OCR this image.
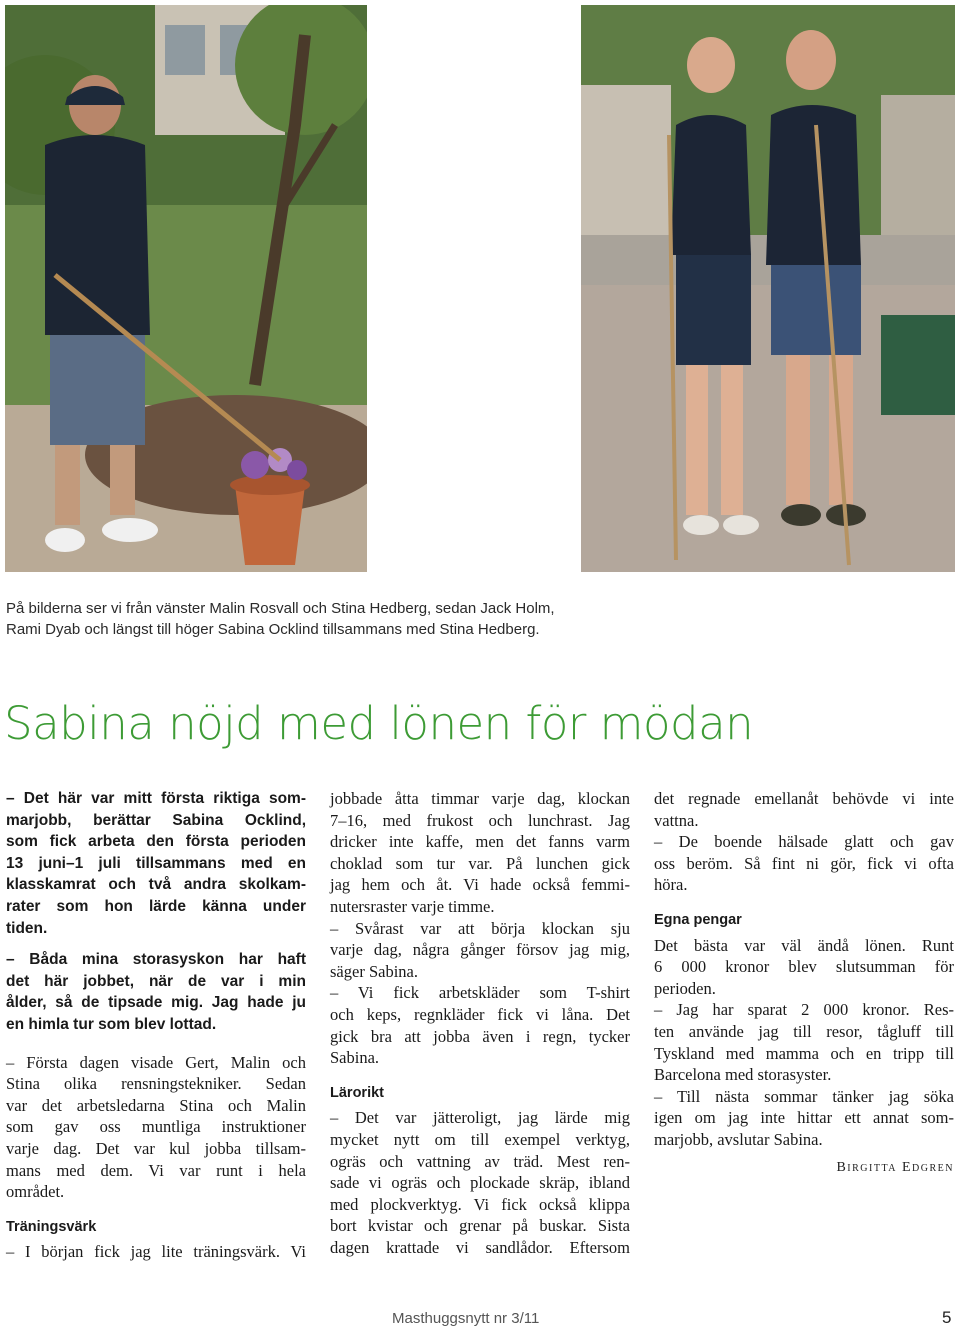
På bilderna ser vi från vänster Malin Rosvall och Stina Hedberg, sedan Jack Holm,
Rami Dyab och längst till höger Sabina Ocklind tillsammans med Stina Hedberg.
Sabina nöjd med lönen för mödan

– Det här var mitt första riktiga som-
marjobb, berättar Sabina Ocklind,
som fick arbeta den första perioden
13 juni–1 juli tillsammans med en
klasskamrat och två andra skolkam-
rater som hon lärde känna under
tiden.

– Båda mina storasyskon har haft
det här jobbet, när de var i min
ålder, så de tipsade mig. Jag hade ju
en himla tur som blev lottad.

– Första dagen visade Gert, Malin och
Stina olika rensningstekniker. Sedan
var det arbetsledarna Stina och Malin
som gav oss muntliga instruktioner
varje dag. Det var kul jobba tillsam-
mans med dem. Vi var runt i hela
området.

Träningsvärk

– I början fick jag lite träningsvärk. Vi

jobbade åtta timmar varje dag, klockan
7–16, med frukost och lunchrast. Jag
dricker inte kaffe, men det fanns varm
choklad som tur var. På lunchen gick
jag hem och åt. Vi hade också femmi-
nutersraster varje timme.

– Svårast var att börja klockan sju
varje dag, några gånger försov jag mig,
säger Sabina.

– Vi fick arbetskläder som T-shirt
och keps, regnkläder fick vi låna. Det
gick bra att jobba även i regn, tycker
Sabina.

Lärorikt

– Det var jätteroligt, jag lärde mig
mycket nytt om till exempel verktyg,
ogräs och vattning av träd. Mest ren-
sade vi ogräs och plockade skräp, ibland
med plockverktyg. Vi fick också klippa
bort kvistar och grenar på buskar. Sista
dagen krattade vi sandlådor. Eftersom

det regnade emellanåt behövde vi inte
vattna.

– De boende hälsade glatt och gav
oss beröm. Så fint ni gör, fick vi ofta
höra.

Egna pengar

Det bästa var väl ändå lönen. Runt
6 000 kronor blev slutsumman för
perioden.

– Jag har sparat 2 000 kronor. Res-
ten använde jag till resor, tågluff till
Tyskland med mamma och en tripp till
Barcelona med storasyster.

– Till nästa sommar tänker jag söka
igen om jag inte hittar ett annat som-
marjobb, avslutar Sabina.

Birgitta Edgren
Masthuggsnytt nr 3/11	5
